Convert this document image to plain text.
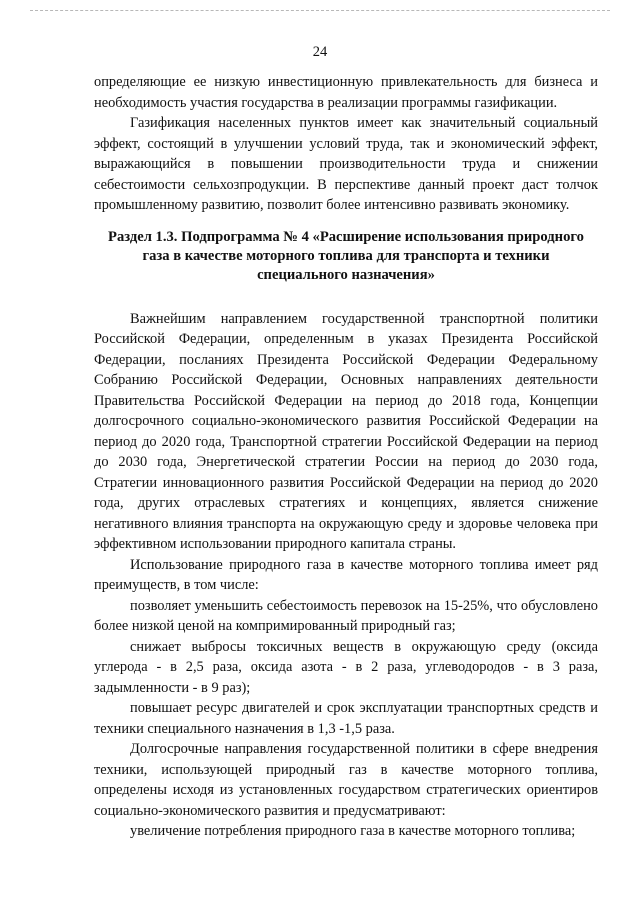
24

определяющие ее низкую инвестиционную привлекательность для бизнеса и необходимость участия государства в реализации программы газификации.

Газификация населенных пунктов имеет как значительный социальный эффект, состоящий в улучшении условий труда, так и экономический эффект, выражающийся в повышении производительности труда и снижении себестоимости сельхозпродукции. В перспективе данный проект даст толчок промышленному развитию, позволит более интенсивно развивать экономику.

Раздел 1.3. Подпрограмма № 4 «Расширение использования природного газа в качестве моторного топлива для транспорта и техники специального назначения»

Важнейшим направлением государственной транспортной политики Российской Федерации, определенным в указах Президента Российской Федерации, посланиях Президента Российской Федерации Федеральному Собранию Российской Федерации, Основных направлениях деятельности Правительства Российской Федерации на период до 2018 года, Концепции долгосрочного социально-экономического развития Российской Федерации на период до 2020 года, Транспортной стратегии Российской Федерации на период до 2030 года, Энергетической стратегии России на период до 2030 года, Стратегии инновационного развития Российской Федерации на период до 2020 года, других отраслевых стратегиях и концепциях, является снижение негативного влияния транспорта на окружающую среду и здоровье человека при эффективном использовании природного капитала страны.

Использование природного газа в качестве моторного топлива имеет ряд преимуществ, в том числе:

позволяет уменьшить себестоимость перевозок на 15-25%, что обусловлено более низкой ценой на компримированный природный газ;

снижает выбросы токсичных веществ в окружающую среду (оксида углерода - в 2,5 раза, оксида азота - в 2 раза, углеводородов - в 3 раза, задымленности - в 9 раз);

повышает ресурс двигателей и срок эксплуатации транспортных средств и техники специального назначения в 1,3 -1,5 раза.

Долгосрочные направления государственной политики в сфере внедрения техники, использующей природный газ в качестве моторного топлива, определены исходя из установленных государством стратегических ориентиров социально-экономического развития и предусматривают:

увеличение потребления природного газа в качестве моторного топлива;
